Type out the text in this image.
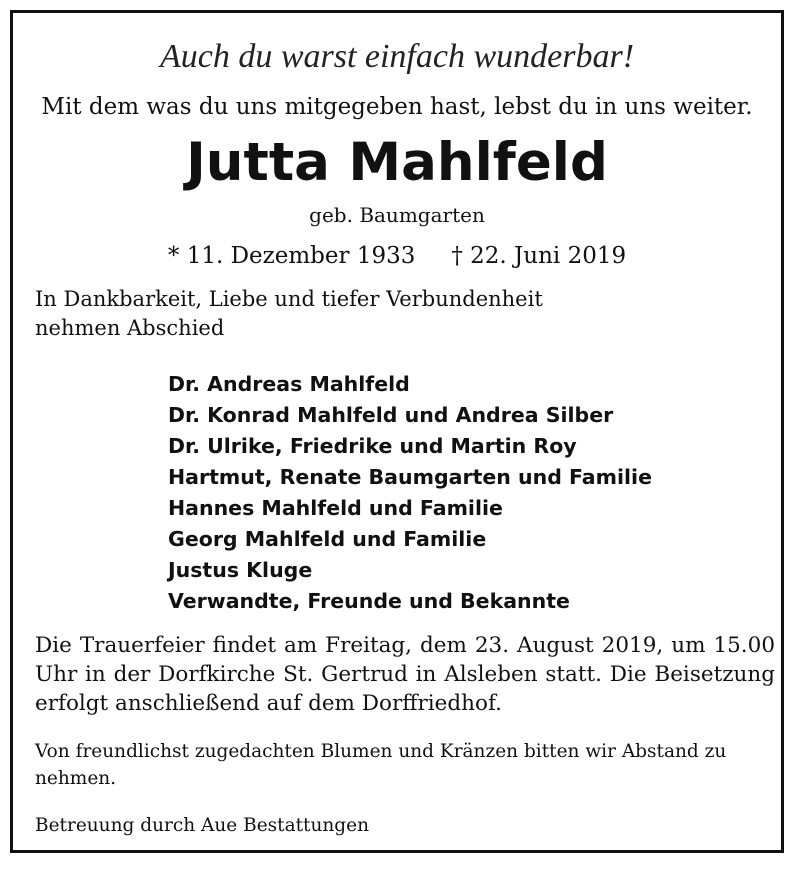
Auch du warst einfach wunderbar!
Mit dem was du uns mitgegeben hast, lebst du in uns weiter.
Jutta Mahlfeld
geb. Baumgarten
* 11. Dezember 1933 † 22. Juni 2019
In Dankbarkeit, Liebe und tiefer Verbundenheit
nehmen Abschied
Dr. Andreas Mahlfeld
Dr. Konrad Mahlfeld und Andrea Silber
Dr. Ulrike, Friedrike und Martin Roy
Hartmut, Renate Baumgarten und Familie
Hannes Mahlfeld und Familie
Georg Mahlfeld und Familie
Justus Kluge
Verwandte, Freunde und Bekannte
Die Trauerfeier findet am Freitag, dem 23. August 2019, um 15.00 Uhr in der Dorfkirche St. Gertrud in Alsleben statt. Die Beisetzung erfolgt anschließend auf dem Dorffriedhof.
Von freundlichst zugedachten Blumen und Kränzen bitten wir Abstand zu nehmen.
Betreuung durch Aue Bestattungen
